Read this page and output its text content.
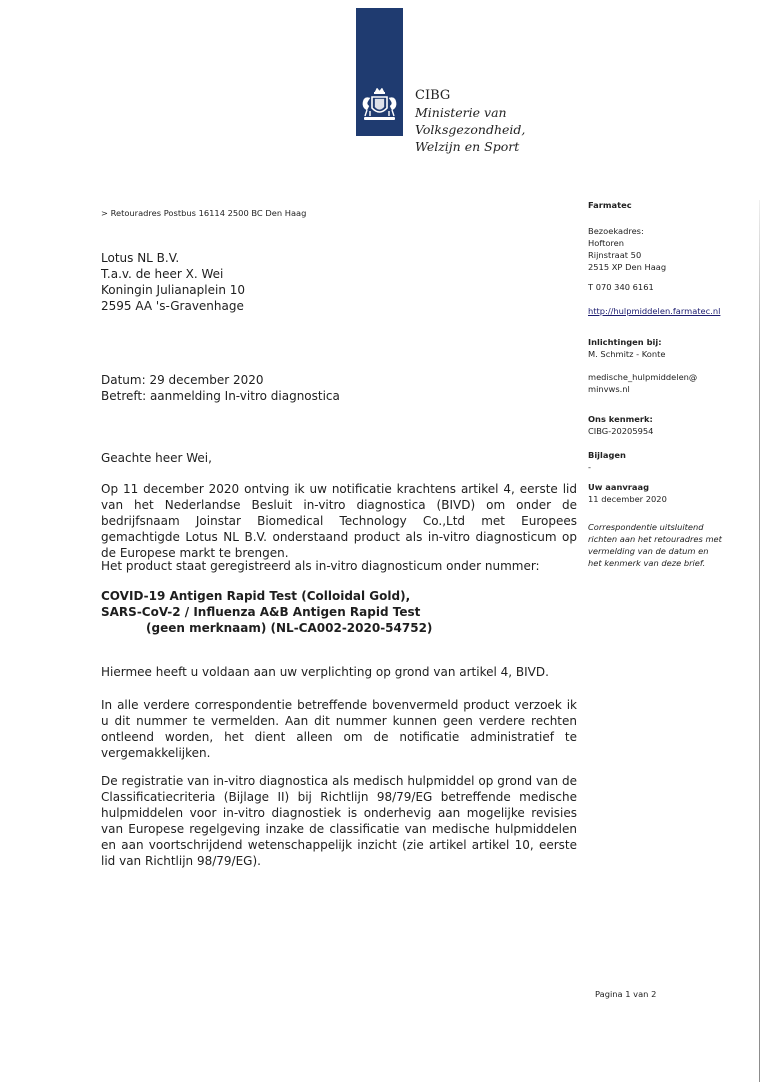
CIBG
Ministerie van Volksgezondheid,
Welzijn en Sport
> Retouradres Postbus 16114 2500 BC Den Haag
Lotus NL B.V.
T.a.v. de heer X. Wei
Koningin Julianaplein 10
2595 AA 's-Gravenhage
Datum: 29 december 2020
Betreft: aanmelding In-vitro diagnostica
Geachte heer Wei,
Op 11 december 2020 ontving ik uw notificatie krachtens artikel 4, eerste lid van het Nederlandse Besluit in-vitro diagnostica (BIVD) om onder de bedrijfsnaam Joinstar Biomedical Technology Co.,Ltd met Europees gemachtigde Lotus NL B.V. onderstaand product als in-vitro diagnosticum op de Europese markt te brengen.
Het product staat geregistreerd als in-vitro diagnosticum onder nummer:
COVID-19 Antigen Rapid Test (Colloidal Gold),
SARS-CoV-2 / Influenza A&B Antigen Rapid Test
(geen merknaam) (NL-CA002-2020-54752)
Hiermee heeft u voldaan aan uw verplichting op grond van artikel 4, BIVD.
In alle verdere correspondentie betreffende bovenvermeld product verzoek ik u dit nummer te vermelden. Aan dit nummer kunnen geen verdere rechten ontleend worden, het dient alleen om de notificatie administratief te vergemakkelijken.
De registratie van in-vitro diagnostica als medisch hulpmiddel op grond van de Classificatiecriteria (Bijlage II) bij Richtlijn 98/79/EG betreffende medische hulpmiddelen voor in-vitro diagnostiek is onderhevig aan mogelijke revisies van Europese regelgeving inzake de classificatie van medische hulpmiddelen en aan voortschrijdend wetenschappelijk inzicht (zie artikel artikel 10, eerste lid van Richtlijn 98/79/EG).
Farmatec
Bezoekadres:
Hoftoren
Rijnstraat 50
2515 XP Den Haag
T 070 340 6161
http://hulpmiddelen.farmatec.nl
Inlichtingen bij:
M. Schmitz - Konte
medische_hulpmiddelen@
minvws.nl
Ons kenmerk:
CIBG-20205954
Bijlagen
-
Uw aanvraag
11 december 2020
Correspondentie uitsluitend
richten aan het retouradres met
vermelding van de datum en
het kenmerk van deze brief.
Pagina 1 van 2
